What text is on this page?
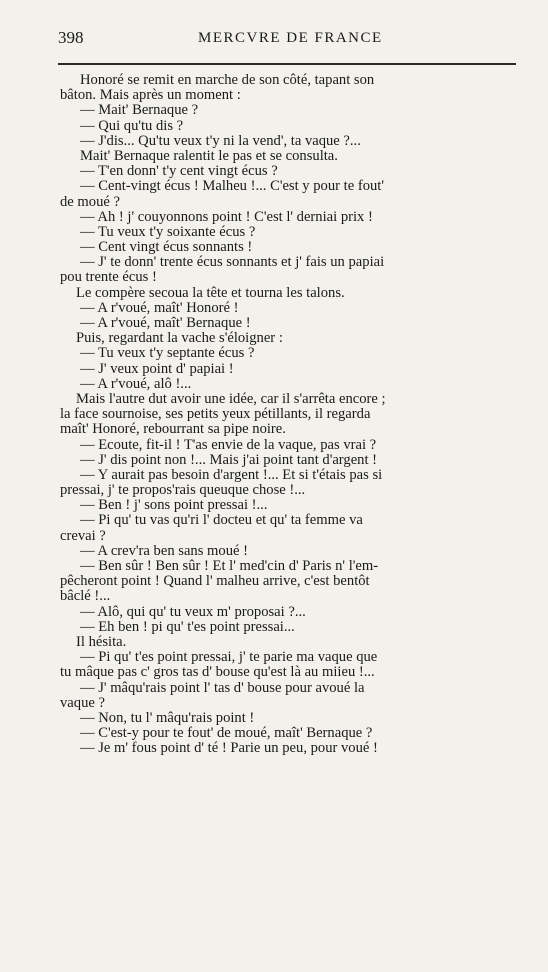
398	MERCVRE DE FRANCE
Honoré se remit en marche de son côté, tapant son
bâton. Mais après un moment :
— Mait' Bernaque ?
— Qui qu'tu dis ?
— J'dis... Qu'tu veux t'y ni la vend', ta vaque ?...
Mait' Bernaque ralentit le pas et se consulta.
— T'en donn' t'y cent vingt écus ?
— Cent-vingt écus ! Malheu !... C'est y pour te fout'
de moué ?
— Ah ! j' couyonnons point ! C'est l' derniai prix !
— Tu veux t'y soixante écus ?
— Cent vingt écus sonnants !
— J' te donn' trente écus sonnants et j' fais un papiai
pou trente écus !
Le compère secoua la tête et tourna les talons.
— A r'voué, maît' Honoré !
— A r'voué, maît' Bernaque !
Puis, regardant la vache s'éloigner :
— Tu veux t'y septante écus ?
— J' veux point d' papiai !
— A r'voué, alô !...
Mais l'autre dut avoir une idée, car il s'arrêta encore ;
la face sournoise, ses petits yeux pétillants, il regarda
maît' Honoré, rebourrant sa pipe noire.
— Ecoute, fit-il ! T'as envie de la vaque, pas vrai ?
— J' dis point non !... Mais j'ai point tant d'argent !
— Y aurait pas besoin d'argent !... Et si t'étais pas si
pressai, j' te propos'rais queuque chose !...
— Ben ! j' sons point pressai !...
— Pi qu' tu vas qu'ri l' docteu et qu' ta femme va
crevai ?
— A crev'ra ben sans moué !
— Ben sûr ! Ben sûr ! Et l' med'cin d' Paris n' l'em-
pêcheront point ! Quand l' malheu arrive, c'est bentôt
bâclé !...
— Alô, qui qu' tu veux m' proposai ?...
— Eh ben ! pi qu' t'es point pressai...
Il hésita.
— Pi qu' t'es point pressai, j' te parie ma vaque que
tu mâque pas c' gros tas d' bouse qu'est là au miieu !...
— J' mâqu'rais point l' tas d' bouse pour avoué la
vaque ?
— Non, tu l' mâqu'rais point !
— C'est-y pour te fout' de moué, maît' Bernaque ?
— Je m' fous point d' té ! Parie un peu, pour voué !
